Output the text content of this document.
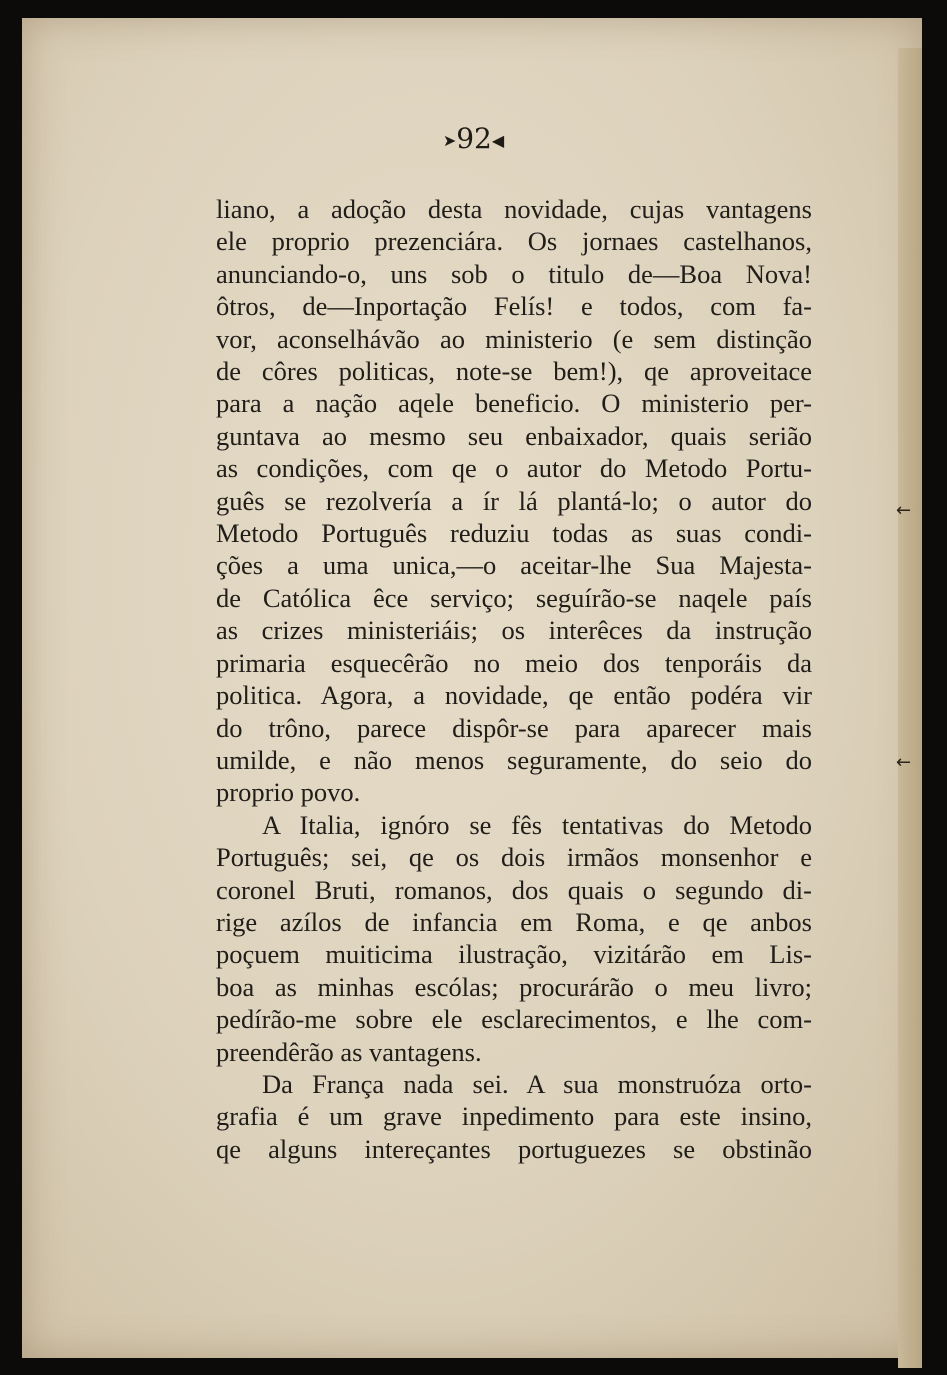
➤92◀
liano, a adoção desta novidade, cujas vantagens
ele proprio prezenciára. Os jornaes castelhanos,
anunciando-o, uns sob o titulo de—Boa Nova!
ôtros, de—Inportação Felís! e todos, com fa-
vor, aconselhávão ao ministerio (e sem distinção
de côres politicas, note-se bem!), qe aproveitace
para a nação aqele beneficio. O ministerio per-
guntava ao mesmo seu enbaixador, quais serião
as condições, com qe o autor do Metodo Portu-
guês se rezolvería a ír lá plantá-lo; o autor do
Metodo Português reduziu todas as suas condi-
ções a uma unica,—o aceitar-lhe Sua Majesta-
de Católica êce serviço; seguírão-se naqele país
as crizes ministeriáis; os interêces da instrução
primaria esquecêrão no meio dos tenporáis da
politica. Agora, a novidade, qe então podéra vir
do trôno, parece dispôr-se para aparecer mais
umilde, e não menos seguramente, do seio do
proprio povo.
A Italia, ignóro se fês tentativas do Metodo
Português; sei, qe os dois irmãos monsenhor e
coronel Bruti, romanos, dos quais o segundo di-
rige azílos de infancia em Roma, e qe anbos
poçuem muiticima ilustração, vizitárão em Lis-
boa as minhas escólas; procurárão o meu livro;
pedírão-me sobre ele esclarecimentos, e lhe com-
preendêrão as vantagens.
Da França nada sei. A sua monstruóza orto-
grafia é um grave inpedimento para este insino,
qe alguns intereçantes portuguezes se obstinão
←
←
